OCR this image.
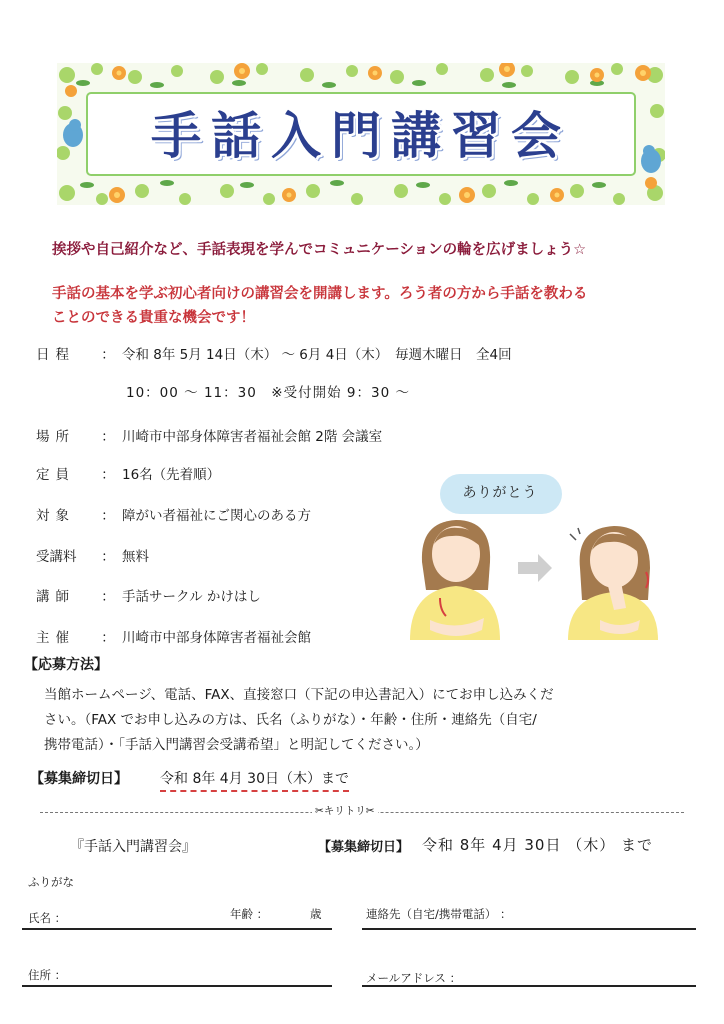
手話入門講習会
挨拶や自己紹介など、手話表現を学んでコミュニケーションの輪を広げましょう☆
手話の基本を学ぶ初心者向けの講習会を開講します。ろう者の方から手話を教わる
ことのできる貴重な機会です！
日程 ： 令和 8年 5月 14日（木） ～ 6月 4日（木）　毎週木曜日　全4回
10：00 ～ 11：30　※受付開始 9：30 ～
場所 ： 川崎市中部身体障害者福祉会館 2階 会議室
定員 ： 16名（先着順）
対象 ： 障がい者福祉にご関心のある方
受講料 ： 無料
講師 ： 手話サークル かけはし
主催 ： 川崎市中部身体障害者福祉会館
ありがとう
【応募方法】
当館ホームページ、電話、FAX、直接窓口（下記の申込書記入）にてお申し込みくだ
さい。（FAX でお申し込みの方は、氏名（ふりがな）・年齢・住所・連絡先（自宅/
携帯電話）・「手話入門講習会受講希望」と明記してください。）
【募集締切日】 令和 8年 4月 30日（木）まで
✂キリトリ✂
『手話入門講習会』	【募集締切日】 令和 8年 4月 30日 （木） まで
ふりがな
氏名 ：	年齢 ：	歳	連絡先（自宅/携帯電話） ：
住所 ：	メールアドレス ：
